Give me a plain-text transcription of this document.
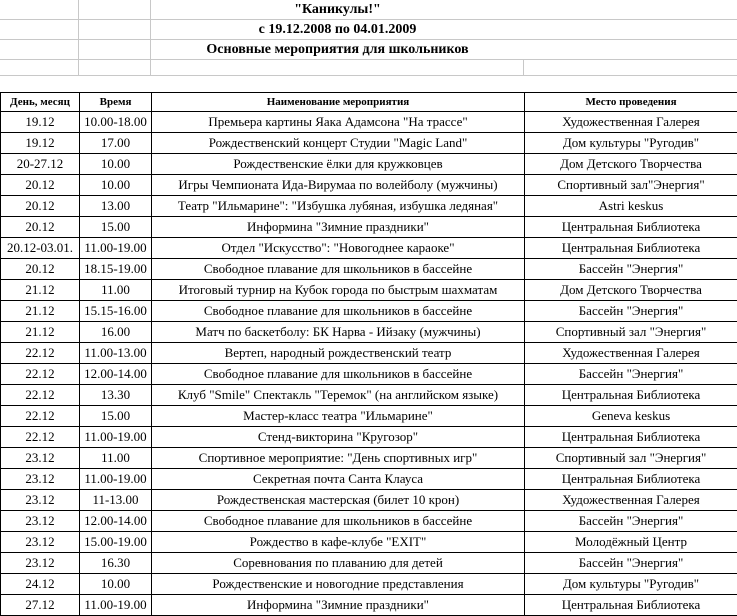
"Каникулы!"
с 19.12.2008 по 04.01.2009
Основные мероприятия для школьников
День, месяц	Время	Наименование мероприятия	Место проведения
19.12	10.00-18.00	Премьера картины Яака Адамсона "На трассе"	Художественная Галерея
19.12	17.00	Рождественский концерт Студии "Magic Land"	Дом культуры "Ругодив"
20-27.12	10.00	Рождественские ёлки для кружковцев	Дом Детского Творчества
20.12	10.00	Игры Чемпионата Ида-Вирумаа по волейболу (мужчины)	Спортивный зал"Энергия"
20.12	13.00	Театр "Ильмарине": "Избушка лубяная, избушка ледяная"	Astri keskus
20.12	15.00	Информина "Зимние праздники"	Центральная Библиотека
20.12-03.01.	11.00-19.00	Отдел "Искусство": "Новогоднее караоке"	Центральная Библиотека
20.12	18.15-19.00	Свободное плавание для школьников в бассейне	Бассейн "Энергия"
21.12	11.00	Итоговый турнир на Кубок города по быстрым шахматам	Дом Детского Творчества
21.12	15.15-16.00	Свободное плавание для школьников в бассейне	Бассейн "Энергия"
21.12	16.00	Матч по баскетболу: БК Нарва - Ийзаку (мужчины)	Спортивный зал "Энергия"
22.12	11.00-13.00	Вертеп, народный рождественский театр	Художественная Галерея
22.12	12.00-14.00	Свободное плавание для школьников в бассейне	Бассейн "Энергия"
22.12	13.30	Клуб "Smile" Спектакль "Теремок" (на английском языке)	Центральная Библиотека
22.12	15.00	Мастер-класс театра "Ильмарине"	Geneva keskus
22.12	11.00-19.00	Стенд-викторина "Кругозор"	Центральная Библиотека
23.12	11.00	Спортивное мероприятие: "День спортивных игр"	Спортивный зал "Энергия"
23.12	11.00-19.00	Секретная почта Санта Клауса	Центральная Библиотека
23.12	11-13.00	Рождественская мастерская (билет 10 крон)	Художественная Галерея
23.12	12.00-14.00	Свободное плавание для школьников в бассейне	Бассейн "Энергия"
23.12	15.00-19.00	Рождество в кафе-клубе "EXIT"	Молодёжный Центр
23.12	16.30	Соревнования по плаванию для детей	Бассейн "Энергия"
24.12	10.00	Рождественские и новогодние представления	Дом культуры "Ругодив"
27.12	11.00-19.00	Информина "Зимние праздники"	Центральная Библиотека
